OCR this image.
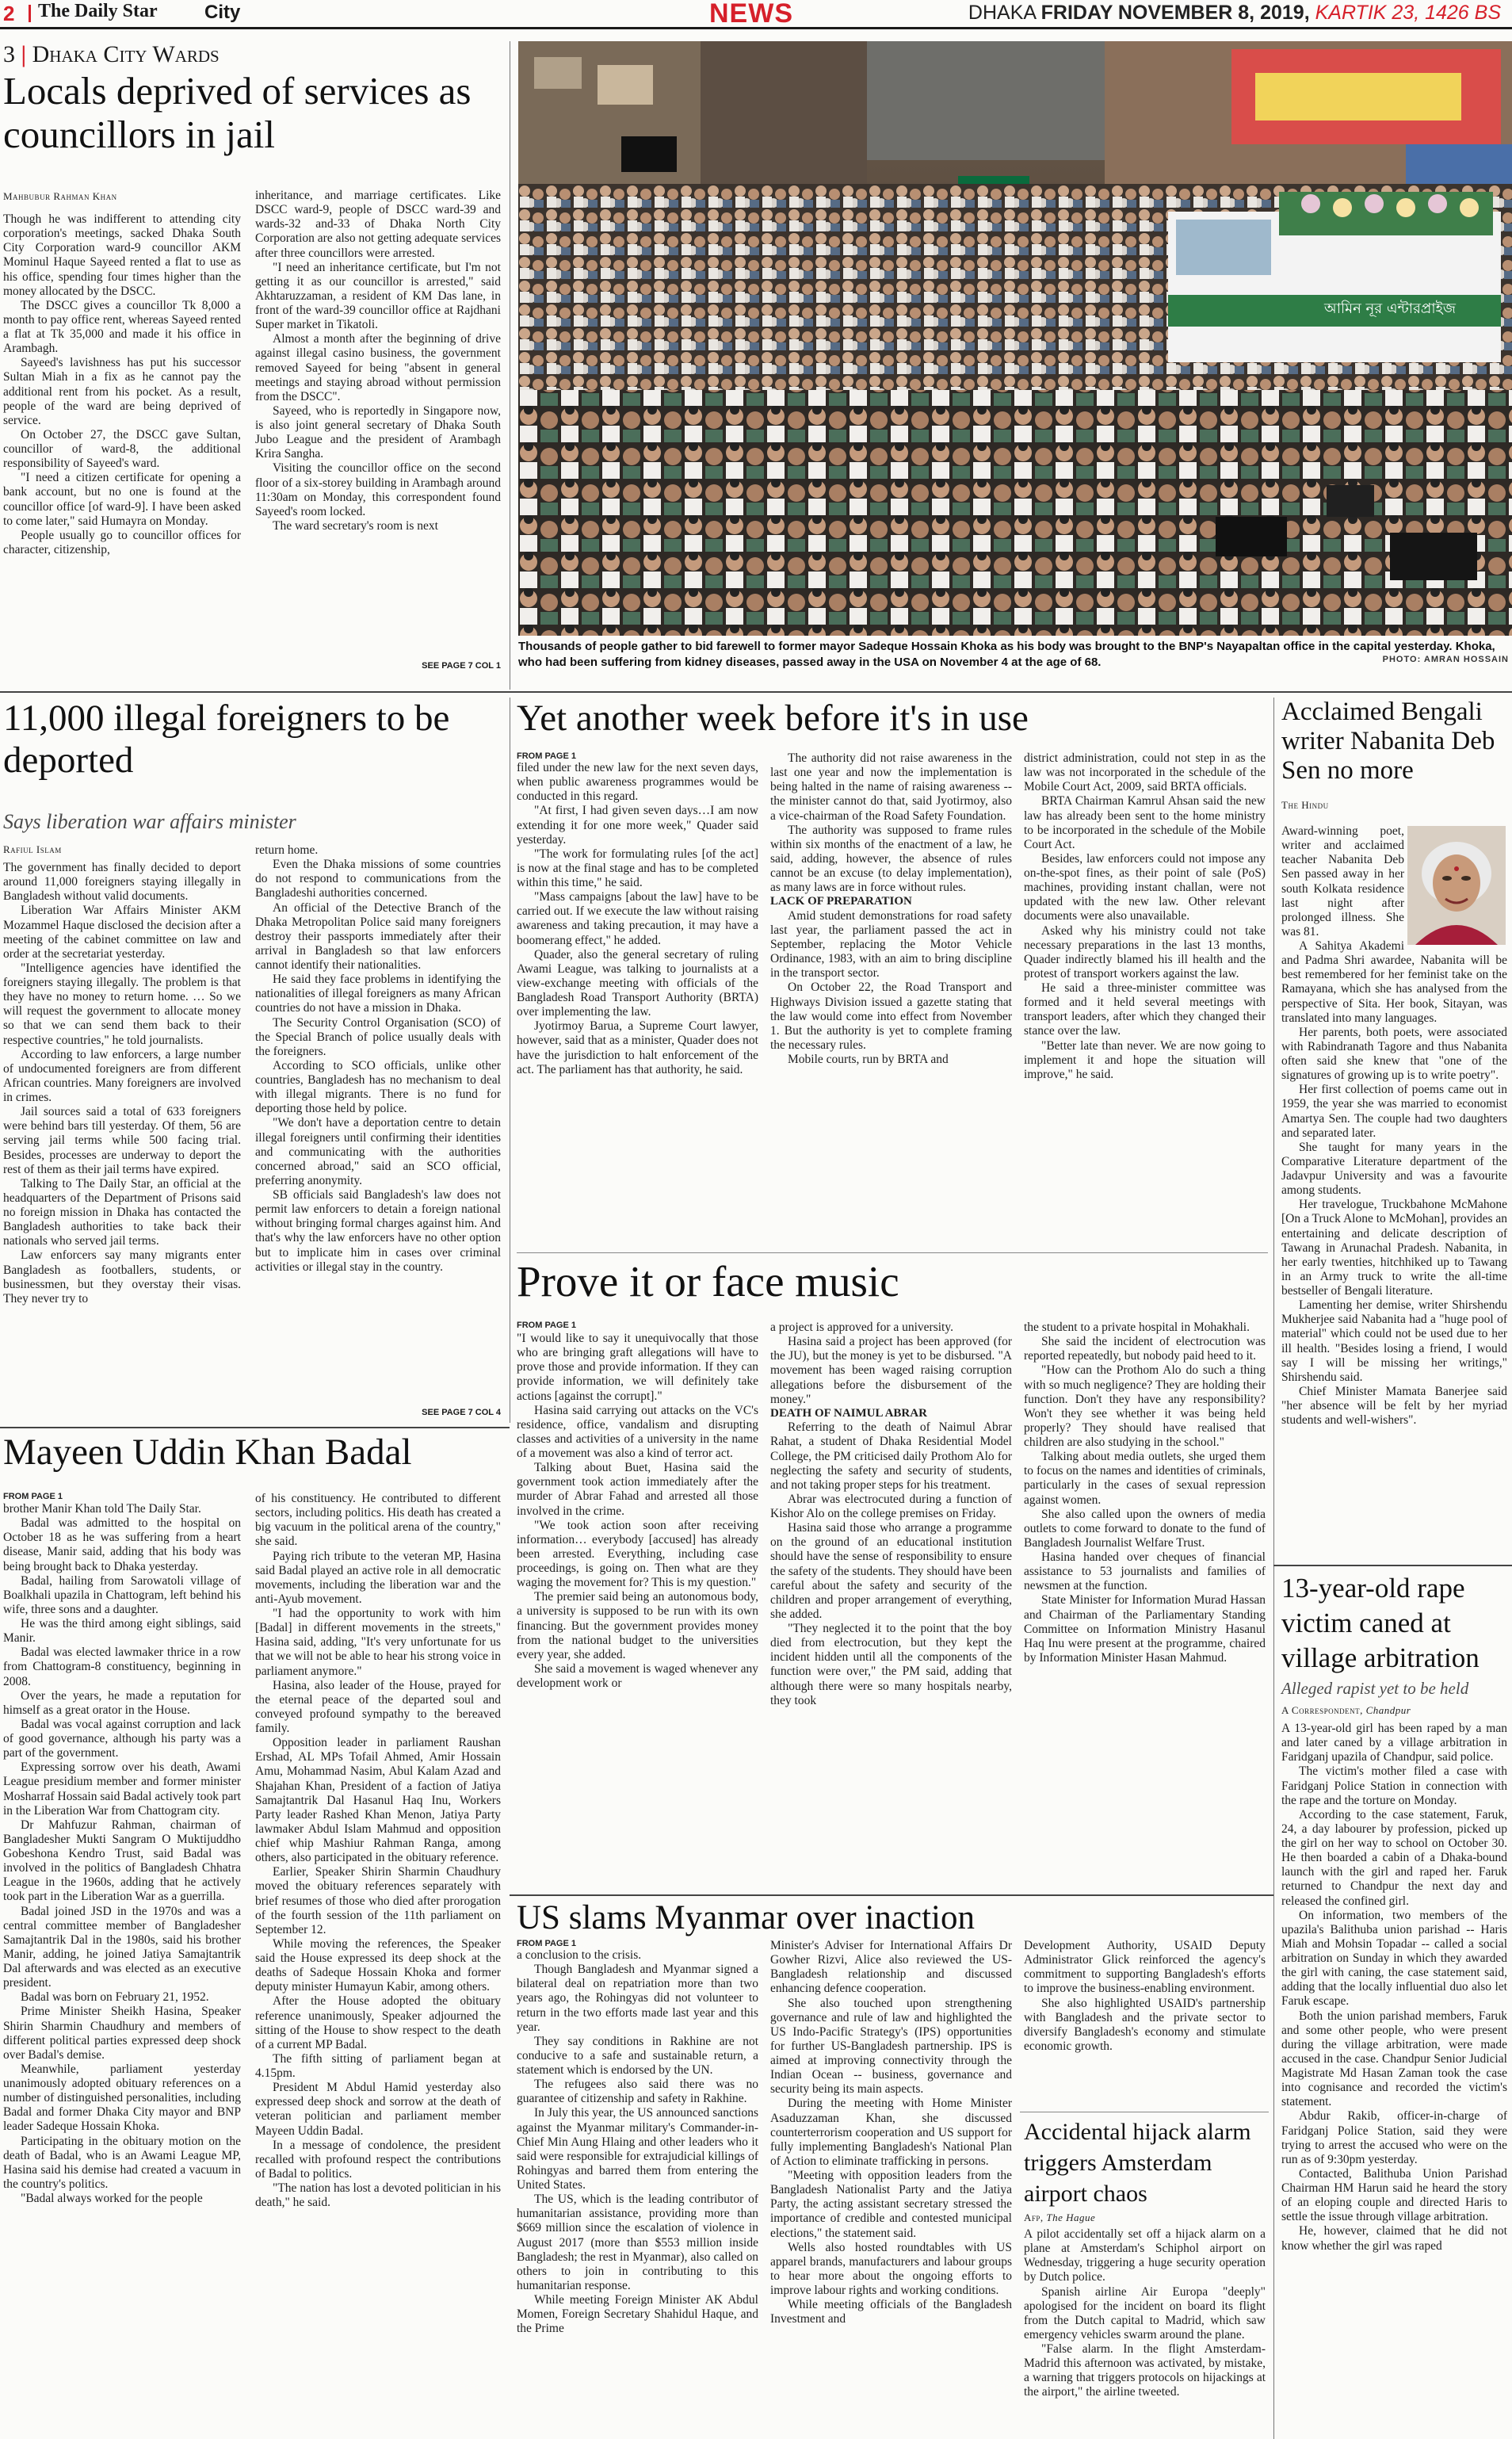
2 The Daily Star City	NEWS	DHAKA FRIDAY NOVEMBER 8, 2019, KARTIK 23, 1426 BS
3 | Dhaka City Wards
Locals deprived of services as councillors in jail
Mahbubur Rahman Khan

Though he was indifferent to attending city corporation's meetings, sacked Dhaka South City Corporation ward-9 councillor AKM Mominul Haque Sayeed rented a flat to use as his office, spending four times higher than the money allocated by the DSCC.

The DSCC gives a councillor Tk 8,000 a month to pay office rent, whereas Sayeed rented a flat at Tk 35,000 and made it his office in Arambagh.

Sayeed's lavishness has put his successor Sultan Miah in a fix as he cannot pay the additional rent from his pocket. As a result, people of the ward are being deprived of service.

On October 27, the DSCC gave Sultan, councillor of ward-8, the additional responsibility of Sayeed's ward.

"I need a citizen certificate for opening a bank account, but no one is found at the councillor office [of ward-9]. I have been asked to come later," said Humayra on Monday.

People usually go to councillor offices for character, citizenship,

inheritance, and marriage certificates. Like DSCC ward-9, people of DSCC ward-39 and wards-32 and-33 of Dhaka North City Corporation are also not getting adequate services after three councillors were arrested.

"I need an inheritance certificate, but I'm not getting it as our councillor is arrested," said Akhtaruzzaman, a resident of KM Das lane, in front of the ward-39 councillor office at Rajdhani Super market in Tikatoli.

Almost a month after the beginning of drive against illegal casino business, the government removed Sayeed for being "absent in general meetings and staying abroad without permission from the DSCC".

Sayeed, who is reportedly in Singapore now, is also joint general secretary of Dhaka South Jubo League and the president of Arambagh Krira Sangha.

Visiting the councillor office on the second floor of a six-storey building in Arambagh around 11:30am on Monday, this correspondent found Sayeed's room locked.

The ward secretary's room is next

SEE PAGE 7 COL 1
আমিন নূর এন্টারপ্রাইজ
Thousands of people gather to bid farewell to former mayor Sadeque Hossain Khoka as his body was brought to the BNP's Nayapaltan office in the capital yesterday. Khoka, who had been suffering from kidney diseases, passed away in the USA on November 4 at the age of 68.	PHOTO: AMRAN HOSSAIN
11,000 illegal foreigners to be deported
Says liberation war affairs minister
Rafiul Islam

The government has finally decided to deport around 11,000 foreigners staying illegally in Bangladesh without valid documents.

Liberation War Affairs Minister AKM Mozammel Haque disclosed the decision after a meeting of the cabinet committee on law and order at the secretariat yesterday.

"Intelligence agencies have identified the foreigners staying illegally. The problem is that they have no money to return home. … So we will request the government to allocate money so that we can send them back to their respective countries," he told journalists.

According to law enforcers, a large number of undocumented foreigners are from different African countries. Many foreigners are involved in crimes.

Jail sources said a total of 633 foreigners were behind bars till yesterday. Of them, 56 are serving jail terms while 500 facing trial. Besides, processes are underway to deport the rest of them as their jail terms have expired.

Talking to The Daily Star, an official at the headquarters of the Department of Prisons said no foreign mission in Dhaka has contacted the Bangladesh authorities to take back their nationals who served jail terms.

Law enforcers say many migrants enter Bangladesh as footballers, students, or businessmen, but they overstay their visas. They never try to

return home.

Even the Dhaka missions of some countries do not respond to communications from the Bangladeshi authorities concerned.

An official of the Detective Branch of the Dhaka Metropolitan Police said many foreigners destroy their passports immediately after their arrival in Bangladesh so that law enforcers cannot identify their nationalities.

He said they face problems in identifying the nationalities of illegal foreigners as many African countries do not have a mission in Dhaka.

The Security Control Organisation (SCO) of the Special Branch of police usually deals with the foreigners.

According to SCO officials, unlike other countries, Bangladesh has no mechanism to deal with illegal migrants. There is no fund for deporting those held by police.

"We don't have a deportation centre to detain illegal foreigners until confirming their identities and communicating with the authorities concerned abroad," said an SCO official, preferring anonymity.

SB officials said Bangladesh's law does not permit law enforcers to detain a foreign national without bringing formal charges against him. And that's why the law enforcers have no other option but to implicate him in cases over criminal activities or illegal stay in the country.

SEE PAGE 7 COL 4
Yet another week before it's in use
FROM PAGE 1

filed under the new law for the next seven days, when public awareness programmes would be conducted in this regard.

"At first, I had given seven days…I am now extending it for one more week," Quader said yesterday.

"The work for formulating rules [of the act] is now at the final stage and has to be completed within this time," he said.

"Mass campaigns [about the law] have to be carried out. If we execute the law without raising awareness and taking precaution, it may have a boomerang effect," he added.

Quader, also the general secretary of ruling Awami League, was talking to journalists at a view-exchange meeting with officials of the Bangladesh Road Transport Authority (BRTA) over implementing the law.

Jyotirmoy Barua, a Supreme Court lawyer, however, said that as a minister, Quader does not have the jurisdiction to halt enforcement of the act. The parliament has that authority, he said.

The authority did not raise awareness in the last one year and now the implementation is being halted in the name of raising awareness -- the minister cannot do that, said Jyotirmoy, also a vice-chairman of the Road Safety Foundation.

The authority was supposed to frame rules within six months of the enactment of a law, he said, adding, however, the absence of rules cannot be an excuse (to delay implementation), as many laws are in force without rules.

LACK OF PREPARATION

Amid student demonstrations for road safety last year, the parliament passed the act in September, replacing the Motor Vehicle Ordinance, 1983, with an aim to bring discipline in the transport sector.

On October 22, the Road Transport and Highways Division issued a gazette stating that the law would come into effect from November 1. But the authority is yet to complete framing the necessary rules.

Mobile courts, run by BRTA and

district administration, could not step in as the law was not incorporated in the schedule of the Mobile Court Act, 2009, said BRTA officials.

BRTA Chairman Kamrul Ahsan said the new law has already been sent to the home ministry to be incorporated in the schedule of the Mobile Court Act.

Besides, law enforcers could not impose any on-the-spot fines, as their point of sale (PoS) machines, providing instant challan, were not updated with the new law. Other relevant documents were also unavailable.

Asked why his ministry could not take necessary preparations in the last 13 months, Quader indirectly blamed his ill health and the protest of transport workers against the law.

He said a three-minister committee was formed and it held several meetings with transport leaders, after which they changed their stance over the law.

"Better late than never. We are now going to implement it and hope the situation will improve," he said.

Prove it or face music
FROM PAGE 1

"I would like to say it unequivocally that those who are bringing graft allegations will have to prove those and provide information. If they can provide information, we will definitely take actions [against the corrupt]."

Hasina said carrying out attacks on the VC's residence, office, vandalism and disrupting classes and activities of a university in the name of a movement was also a kind of terror act.

Talking about Buet, Hasina said the government took action immediately after the murder of Abrar Fahad and arrested all those involved in the crime.

"We took action soon after receiving information… everybody [accused] has already been arrested. Everything, including case proceedings, is going on. Then what are they waging the movement for? This is my question."

The premier said being an autonomous body, a university is supposed to be run with its own financing. But the government provides money from the national budget to the universities every year, she added.

She said a movement is waged whenever any development work or

a project is approved for a university.

Hasina said a project has been approved (for the JU), but the money is yet to be disbursed. "A movement has been waged raising corruption allegations before the disbursement of the money."

DEATH OF NAIMUL ABRAR

Referring to the death of Naimul Abrar Rahat, a student of Dhaka Residential Model College, the PM criticised daily Prothom Alo for neglecting the safety and security of students, and not taking proper steps for his treatment.

Abrar was electrocuted during a function of Kishor Alo on the college premises on Friday.

Hasina said those who arrange a programme on the ground of an educational institution should have the sense of responsibility to ensure the safety of the students. They should have been careful about the safety and security of the children and proper arrangement of everything, she added.

"They neglected it to the point that the boy died from electrocution, but they kept the incident hidden until all the components of the function were over," the PM said, adding that although there were so many hospitals nearby, they took

the student to a private hospital in Mohakhali.

She said the incident of electrocution was reported repeatedly, but nobody paid heed to it.

"How can the Prothom Alo do such a thing with so much negligence? They are holding their function. Don't they have any responsibility? Won't they see whether it was being held properly? They should have realised that children are also studying in the school."

Talking about media outlets, she urged them to focus on the names and identities of criminals, particularly in the cases of sexual repression against women.

She also called upon the owners of media outlets to come forward to donate to the fund of Bangladesh Journalist Welfare Trust.

Hasina handed over cheques of financial assistance to 53 journalists and families of newsmen at the function.

State Minister for Information Murad Hassan and Chairman of the Parliamentary Standing Committee on Information Ministry Hasanul Haq Inu were present at the programme, chaired by Information Minister Hasan Mahmud.

Acclaimed Bengali writer Nabanita Deb Sen no more
The Hindu

Award-winning poet, writer and acclaimed teacher Nabanita Deb Sen passed away in her south Kolkata residence last night after prolonged illness. She was 81.

A Sahitya Akademi and Padma Shri awardee, Nabanita will be best remembered for her feminist take on the Ramayana, which she has analysed from the perspective of Sita. Her book, Sitayan, was translated into many languages.

Her parents, both poets, were associated with Rabindranath Tagore and thus Nabanita often said she knew that "one of the signatures of growing up is to write poetry".

Her first collection of poems came out in 1959, the year she was married to economist Amartya Sen. The couple had two daughters and separated later.

She taught for many years in the Comparative Literature department of the Jadavpur University and was a favourite among students.

Her travelogue, Truckbahone McMahone [On a Truck Alone to McMohan], provides an entertaining and delicate description of Tawang in Arunachal Pradesh. Nabanita, in her early twenties, hitchhiked up to Tawang in an Army truck to write the all-time bestseller of Bengali literature.

Lamenting her demise, writer Shirshendu Mukherjee said Nabanita had a "huge pool of material" which could not be used due to her ill health. "Besides losing a friend, I would say I will be missing her writings," Shirshendu said.

Chief Minister Mamata Banerjee said "her absence will be felt by her myriad students and well-wishers".

Mayeen Uddin Khan Badal
FROM PAGE 1

brother Manir Khan told The Daily Star.

Badal was admitted to the hospital on October 18 as he was suffering from a heart disease, Manir said, adding that his body was being brought back to Dhaka yesterday.

Badal, hailing from Sarowatoli village of Boalkhali upazila in Chattogram, left behind his wife, three sons and a daughter.

He was the third among eight siblings, said Manir.

Badal was elected lawmaker thrice in a row from Chattogram-8 constituency, beginning in 2008.

Over the years, he made a reputation for himself as a great orator in the House.

Badal was vocal against corruption and lack of good governance, although his party was a part of the government.

Expressing sorrow over his death, Awami League presidium member and former minister Mosharraf Hossain said Badal actively took part in the Liberation War from Chattogram city.

Dr Mahfuzur Rahman, chairman of Bangladesher Mukti Sangram O Muktijuddho Gobeshona Kendro Trust, said Badal was involved in the politics of Bangladesh Chhatra League in the 1960s, adding that he actively took part in the Liberation War as a guerrilla.

Badal joined JSD in the 1970s and was a central committee member of Bangladesher Samajtantrik Dal in the 1980s, said his brother Manir, adding, he joined Jatiya Samajtantrik Dal afterwards and was elected as an executive president.

Badal was born on February 21, 1952.

Prime Minister Sheikh Hasina, Speaker Shirin Sharmin Chaudhury and members of different political parties expressed deep shock over Badal's demise.

Meanwhile, parliament yesterday unanimously adopted obituary references on a number of distinguished personalities, including Badal and former Dhaka City mayor and BNP leader Sadeque Hossain Khoka.

Participating in the obituary motion on the death of Badal, who is an Awami League MP, Hasina said his demise had created a vacuum in the country's politics.

"Badal always worked for the people

of his constituency. He contributed to different sectors, including politics. His death has created a big vacuum in the political arena of the country," she said.

Paying rich tribute to the veteran MP, Hasina said Badal played an active role in all democratic movements, including the liberation war and the anti-Ayub movement.

"I had the opportunity to work with him [Badal] in different movements in the streets," Hasina said, adding, "It's very unfortunate for us that we will not be able to hear his strong voice in parliament anymore."

Hasina, also leader of the House, prayed for the eternal peace of the departed soul and conveyed profound sympathy to the bereaved family.

Opposition leader in parliament Raushan Ershad, AL MPs Tofail Ahmed, Amir Hossain Amu, Mohammad Nasim, Abul Kalam Azad and Shajahan Khan, President of a faction of Jatiya Samajtantrik Dal Hasanul Haq Inu, Workers Party leader Rashed Khan Menon, Jatiya Party lawmaker Abdul Islam Mahmud and opposition chief whip Mashiur Rahman Ranga, among others, also participated in the obituary reference.

Earlier, Speaker Shirin Sharmin Chaudhury moved the obituary references separately with brief resumes of those who died after prorogation of the fourth session of the 11th parliament on September 12.

While moving the references, the Speaker said the House expressed its deep shock at the deaths of Sadeque Hossain Khoka and former deputy minister Humayun Kabir, among others.

After the House adopted the obituary reference unanimously, Speaker adjourned the sitting of the House to show respect to the death of a current MP Badal.

The fifth sitting of parliament began at 4.15pm.

President M Abdul Hamid yesterday also expressed deep shock and sorrow at the death of veteran politician and parliament member Mayeen Uddin Badal.

In a message of condolence, the president recalled with profound respect the contributions of Badal to politics.

"The nation has lost a devoted politician in his death," he said.

US slams Myanmar over inaction
FROM PAGE 1

a conclusion to the crisis.

Though Bangladesh and Myanmar signed a bilateral deal on repatriation more than two years ago, the Rohingyas did not volunteer to return in the two efforts made last year and this year.

They say conditions in Rakhine are not conducive to a safe and sustainable return, a statement which is endorsed by the UN.

The refugees also said there was no guarantee of citizenship and safety in Rakhine.

In July this year, the US announced sanctions against the Myanmar military's Commander-in-Chief Min Aung Hlaing and other leaders who it said were responsible for extrajudicial killings of Rohingyas and barred them from entering the United States.

The US, which is the leading contributor of humanitarian assistance, providing more than $669 million since the escalation of violence in August 2017 (more than $553 million inside Bangladesh; the rest in Myanmar), also called on others to join in contributing to this humanitarian response.

While meeting Foreign Minister AK Abdul Momen, Foreign Secretary Shahidul Haque, and the Prime

Minister's Adviser for International Affairs Dr Gowher Rizvi, Alice also reviewed the US-Bangladesh relationship and discussed enhancing defence cooperation.

She also touched upon strengthening governance and rule of law and highlighted the US Indo-Pacific Strategy's (IPS) opportunities for further US-Bangladesh partnership. IPS is aimed at improving connectivity through the Indian Ocean -- business, governance and security being its main aspects.

During the meeting with Home Minister Asaduzzaman Khan, she discussed counterterrorism cooperation and US support for fully implementing Bangladesh's National Plan of Action to eliminate trafficking in persons.

"Meeting with opposition leaders from the Bangladesh Nationalist Party and the Jatiya Party, the acting assistant secretary stressed the importance of credible and contested municipal elections," the statement said.

Wells also hosted roundtables with US apparel brands, manufacturers and labour groups to hear more about the ongoing efforts to improve labour rights and working conditions.

While meeting officials of the Bangladesh Investment and

Development Authority, USAID Deputy Administrator Glick reinforced the agency's commitment to supporting Bangladesh's efforts to improve the business-enabling environment.

She also highlighted USAID's partnership with Bangladesh and the private sector to diversify Bangladesh's economy and stimulate economic growth.

Accidental hijack alarm triggers Amsterdam airport chaos
Afp, The Hague

A pilot accidentally set off a hijack alarm on a plane at Amsterdam's Schiphol airport on Wednesday, triggering a huge security operation by Dutch police.

Spanish airline Air Europa "deeply" apologised for the incident on board its flight from the Dutch capital to Madrid, which saw emergency vehicles swarm around the plane.

"False alarm. In the flight Amsterdam-Madrid this afternoon was activated, by mistake, a warning that triggers protocols on hijackings at the airport," the airline tweeted.

13-year-old rape victim caned at village arbitration
Alleged rapist yet to be held
A Correspondent, Chandpur

A 13-year-old girl has been raped by a man and later caned by a village arbitration in Faridganj upazila of Chandpur, said police.

The victim's mother filed a case with Faridganj Police Station in connection with the rape and the torture on Monday.

According to the case statement, Faruk, 24, a day labourer by profession, picked up the girl on her way to school on October 30. He then boarded a cabin of a Dhaka-bound launch with the girl and raped her. Faruk returned to Chandpur the next day and released the confined girl.

On information, two members of the upazila's Balithuba union parishad -- Haris Miah and Mohsin Topadar -- called a social arbitration on Sunday in which they awarded the girl with caning, the case statement said, adding that the locally influential duo also let Faruk escape.

Both the union parishad members, Faruk and some other people, who were present during the village arbitration, were made accused in the case. Chandpur Senior Judicial Magistrate Md Hasan Zaman took the case into cognisance and recorded the victim's statement.

Abdur Rakib, officer-in-charge of Faridganj Police Station, said they were trying to arrest the accused who were on the run as of 9:30pm yesterday.

Contacted, Balithuba Union Parishad Chairman HM Harun said he heard the story of an eloping couple and directed Haris to settle the issue through village arbitration.

He, however, claimed that he did not know whether the girl was raped
